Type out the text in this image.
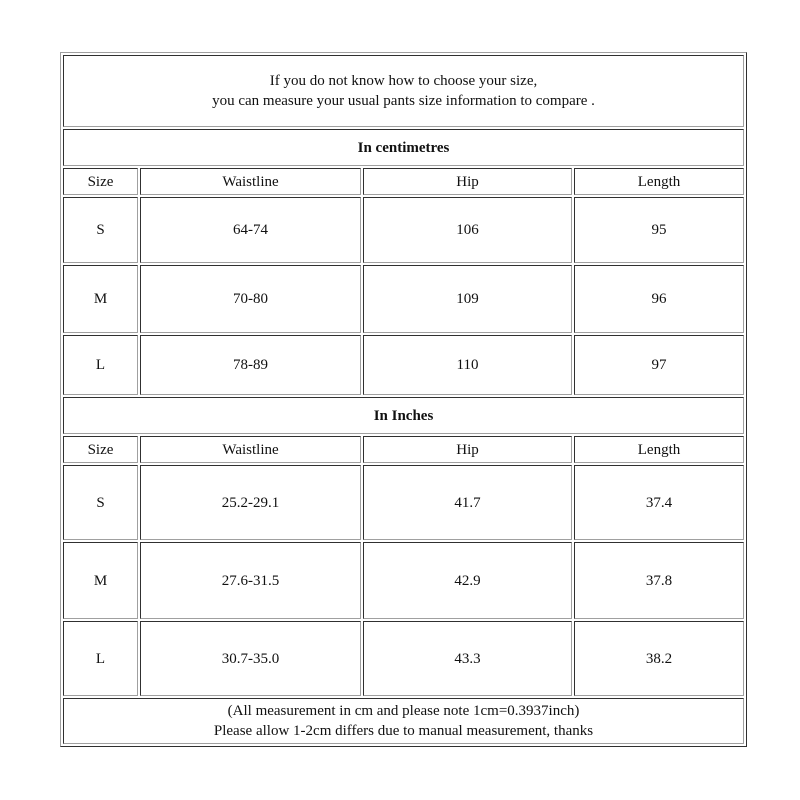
If you do not know how to choose your size,
you can measure your usual pants size information to compare .			

In centimetres			
Size	Waistline	Hip	Length
S	64-74	106	95
M	70-80	109	96
L	78-89	110	97
In Inches			
Size	Waistline	Hip	Length
S	25.2-29.1	41.7	37.4
M	27.6-31.5	42.9	37.8
L	30.7-35.0	43.3	38.2

(All measurement in cm and please note 1cm=0.3937inch)
Please allow 1-2cm differs due to manual measurement, thanks			
